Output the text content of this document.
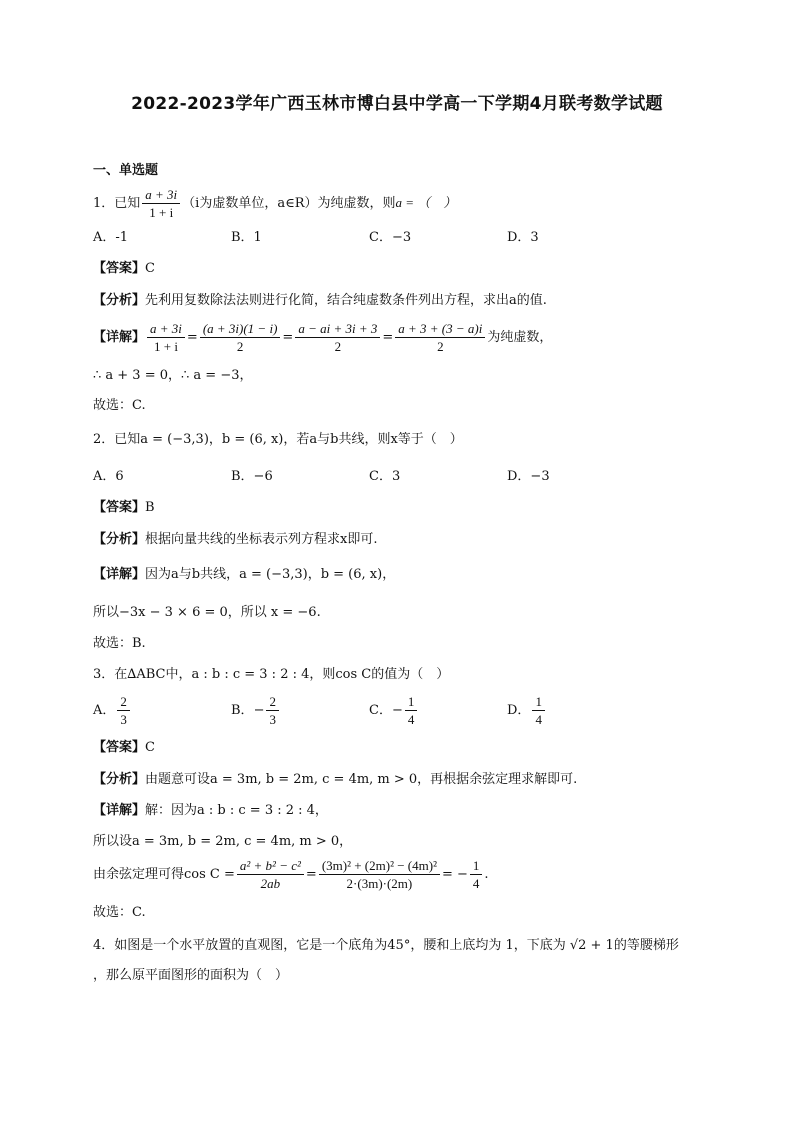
2022-2023学年广西玉林市博白县中学高一下学期4月联考数学试题
一、单选题
1．已知 $\frac{a + 3i}{1 + i} (i$为虚数单位，a∈R）为纯虚数，则a = （　）
A．-1	B．1	C．−3	D．3
【答案】C
【分析】先利用复数除法法则进行化简，结合纯虚数条件列出方程，求出a的值.
【详解】 $\frac{a + 3i}{1 + i} = \frac{(a + 3i)(1 - i)}{2} = \frac{a - ai + 3i + 3}{2} = \frac{a + 3 + (3 - a)i}{2}$ 为纯虚数，
∴ a + 3 = 0，∴ a = −3，
故选：C.
2．已知a = (−3,3)，b = (6, x)，若a与b共线，则x等于（　）
A．6	B．−6	C．3	D．−3
【答案】B
【分析】根据向量共线的坐标表示列方程求x即可.
【详解】因为a与b共线，a = (−3,3)，b = (6, x)，
所以−3x − 3 × 6 = 0，所以 x = −6.
故选：B.
3．在∆ABC中，a : b : c = 3 : 2 : 4，则cos C的值为（　）
A． $\frac{2}{3}$	B．− $\frac{2}{3}$	C．− $\frac{1}{4}$	D． $\frac{1}{4}$
【答案】C
【分析】由题意可设a = 3m, b = 2m, c = 4m, m > 0，再根据余弦定理求解即可.
【详解】解：因为a : b : c = 3 : 2 : 4，
所以设a = 3m, b = 2m, c = 4m, m > 0，
由余弦定理可得$\cos C = \frac{\text{a² + b² − c²}}{2ab} = \frac{\text{(3m)² + (2m)² − (4m)²}}{2\cdot(3m)\cdot(2m)}$ = − $\frac{1}{4}$ .
故选：C.
4．如图是一个水平放置的直观图，它是一个底角为45°，腰和上底均为 1，下底为 √2 + 1的等腰梯形
，那么原平面图形的面积为（　）
